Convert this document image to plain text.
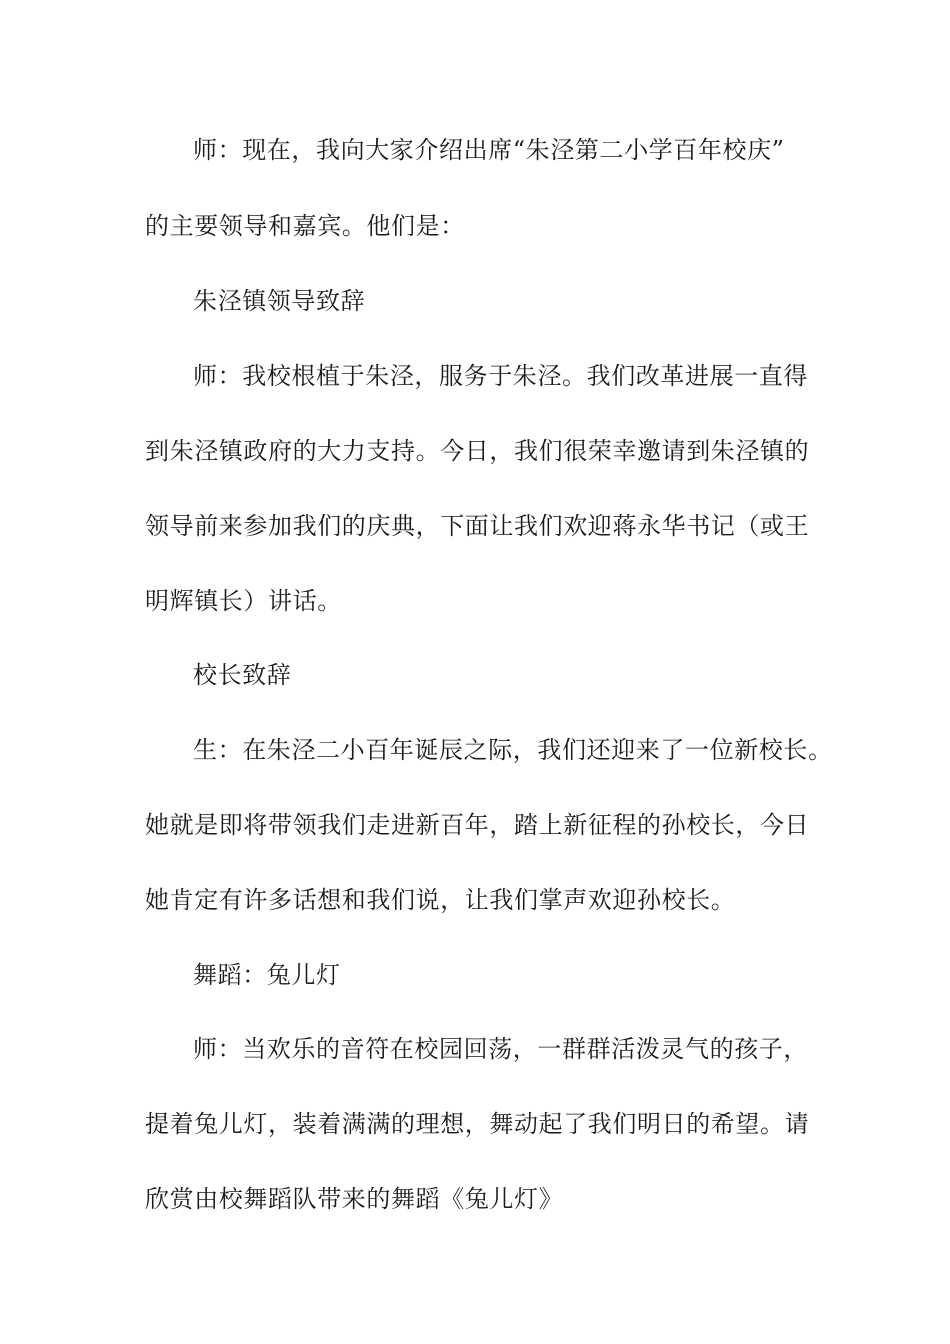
师：现在，我向大家介绍出席“朱泾第二小学百年校庆”
的主要领导和嘉宾。他们是：
朱泾镇领导致辞
师：我校根植于朱泾，服务于朱泾。我们改革进展一直得
到朱泾镇政府的大力支持。今日，我们很荣幸邀请到朱泾镇的
领导前来参加我们的庆典，下面让我们欢迎蒋永华书记（或王
明辉镇长）讲话。
校长致辞
生：在朱泾二小百年诞辰之际，我们还迎来了一位新校长。
她就是即将带领我们走进新百年，踏上新征程的孙校长，今日
她肯定有许多话想和我们说，让我们掌声欢迎孙校长。
舞蹈：兔儿灯
师：当欢乐的音符在校园回荡，一群群活泼灵气的孩子，
提着兔儿灯，装着满满的理想，舞动起了我们明日的希望。请
欣赏由校舞蹈队带来的舞蹈《兔儿灯》
